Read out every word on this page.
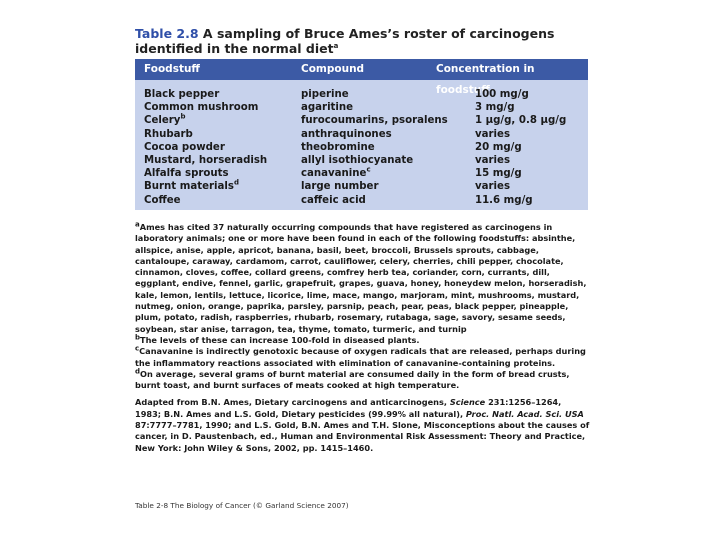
Table 2.8 A sampling of Bruce Ames’s roster of carcinogens identified in the normal diet$^a$
Foodstuff	Compound	Concentration in foodstuff
Black pepper	piperine	100 mg/g
Common mushroom	agaritine	3 mg/g
Celery$^b$	furocoumarins, psoralens	1 µg/g, 0.8 µg/g
Rhubarb	anthraquinones	varies
Cocoa powder	theobromine	20 mg/g
Mustard, horseradish	allyl isothiocyanate	varies
Alfalfa sprouts	canavanine$^c$	15 mg/g
Burnt materials$^d$	large number	varies
Coffee	caffeic acid	11.6 mg/g

$^a$Ames has cited 37 naturally occurring compounds that have registered as carcinogens in laboratory animals; one or more have been found in each of the following foodstuffs: absinthe, allspice, anise, apple, apricot, banana, basil, beet, broccoli, Brussels sprouts, cabbage, cantaloupe, caraway, cardamom, carrot, cauliflower, celery, cherries, chili pepper, chocolate, cinnamon, cloves, coffee, collard greens, comfrey herb tea, coriander, corn, currants, dill, eggplant, endive, fennel, garlic, grapefruit, grapes, guava, honey, honeydew melon, horseradish, kale, lemon, lentils, lettuce, licorice, lime, mace, mango, marjoram, mint, mushrooms, mustard, nutmeg, onion, orange, paprika, parsley, parsnip, peach, pear, peas, black pepper, pineapple, plum, potato, radish, raspberries, rhubarb, rosemary, rutabaga, sage, savory, sesame seeds, soybean, star anise, tarragon, tea, thyme, tomato, turmeric, and turnip

$^b$The levels of these can increase 100-fold in diseased plants.

$^c$Canavanine is indirectly genotoxic because of oxygen radicals that are released, perhaps during the inflammatory reactions associated with elimination of canavanine-containing proteins.

$^d$On average, several grams of burnt material are consumed daily in the form of bread crusts, burnt toast, and burnt surfaces of meats cooked at high temperature.

Adapted from B.N. Ames, Dietary carcinogens and anticarcinogens, Science 231:1256–1264, 1983; B.N. Ames and L.S. Gold, Dietary pesticides (99.99% all natural), Proc. Natl. Acad. Sci. USA 87:7777–7781, 1990; and L.S. Gold, B.N. Ames and T.H. Slone, Misconceptions about the causes of cancer, in D. Paustenbach, ed., Human and Environmental Risk Assessment: Theory and Practice, New York: John Wiley & Sons, 2002, pp. 1415–1460.

Table 2-8 The Biology of Cancer (© Garland Science 2007)
